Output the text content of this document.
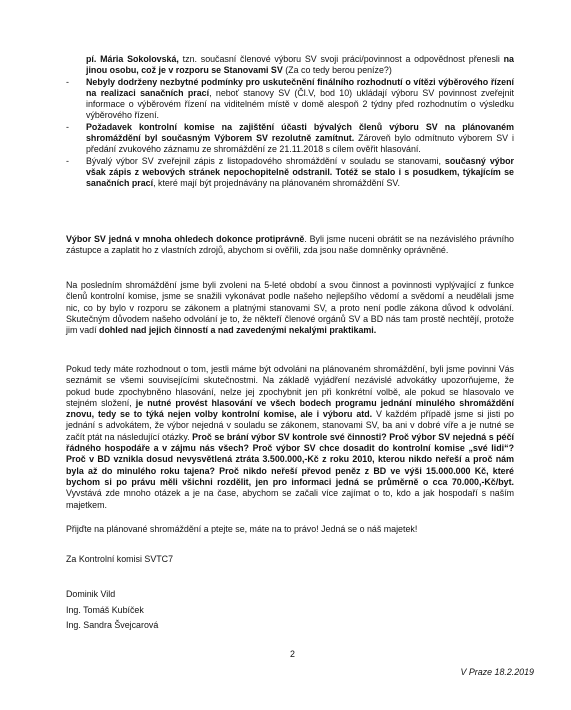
pí. Mária Sokolovská, tzn. současní členové výboru SV svoji práci/povinnost a odpovědnost přenesli na jinou osobu, což je v rozporu se Stanovami SV (Za co tedy berou peníze?)
- Nebyly dodrženy nezbytné podmínky pro uskutečnění finálního rozhodnutí o vítězi výběrového řízení na realizaci sanačních prací, neboť stanovy SV (Čl.V, bod 10) ukládají výboru SV povinnost zveřejnit informace o výběrovém řízení na viditelném místě v domě alespoň 2 týdny před rozhodnutím o výsledku výběrového řízení.
- Požadavek kontrolní komise na zajištění účasti bývalých členů výboru SV na plánovaném shromáždění byl současným Výborem SV rezolutně zamítnut. Zároveň bylo odmítnuto výborem SV i předání zvukového záznamu ze shromáždění ze 21.11.2018 s cílem ověřit hlasování.
- Bývalý výbor SV zveřejnil zápis z listopadového shromáždění v souladu se stanovami, současný výbor však zápis z webových stránek nepochopitelně odstranil. Totéž se stalo i s posudkem, týkajícím se sanačních prací, které mají být projednávány na plánovaném shromáždění SV.
Výbor SV jedná v mnoha ohledech dokonce protiprávně. Byli jsme nuceni obrátit se na nezávislého právního zástupce a zaplatit ho z vlastních zdrojů, abychom si ověřili, zda jsou naše domněnky oprávněné.
Na posledním shromáždění jsme byli zvoleni na 5-leté období a svou činnost a povinnosti vyplývající z funkce členů kontrolní komise, jsme se snažili vykonávat podle našeho nejlepšího vědomí a svědomí a neudělali jsme nic, co by bylo v rozporu se zákonem a platnými stanovami SV, a proto není podle zákona důvod k odvolání. Skutečným důvodem našeho odvolání je to, že někteří členové orgánů SV a BD nás tam prostě nechtějí, protože jim vadí dohled nad jejich činností a nad zavedenými nekalými praktikami.
Pokud tedy máte rozhodnout o tom, jestli máme být odvoláni na plánovaném shromáždění, byli jsme povinni Vás seznámit se všemi souvisejícími skutečnostmi. Na základě vyjádření nezávislé advokátky upozorňujeme, že pokud bude zpochybněno hlasování, nelze jej zpochybnit jen při konkrétní volbě, ale pokud se hlasovalo ve stejném složení, je nutné provést hlasování ve všech bodech programu jednání minulého shromáždění znovu, tedy se to týká nejen volby kontrolní komise, ale i výboru atd. V každém případě jsme si jisti po jednání s advokátem, že výbor nejedná v souladu se zákonem, stanovami SV, ba ani v dobré víře a je nutné se začít ptát na následující otázky. Proč se brání výbor SV kontrole své činnosti? Proč výbor SV nejedná s péčí řádného hospodáře a v zájmu nás všech? Proč výbor SV chce dosadit do kontrolní komise „své lidi“? Proč v BD vznikla dosud nevysvětlená ztráta 3.500.000,-Kč z roku 2010, kterou nikdo neřeší a proč nám byla až do minulého roku tajena? Proč nikdo neřeší převod peněz z BD ve výši 15.000.000 Kč, které bychom si po právu měli všichni rozdělit, jen pro informaci jedná se průměrně o cca 70.000,-Kč/byt. Vyvstává zde mnoho otázek a je na čase, abychom se začali více zajímat o to, kdo a jak hospodaří s naším majetkem.
Přijďte na plánované shromáždění a ptejte se, máte na to právo! Jedná se o náš majetek!
Za Kontrolní komisi SVTC7
Dominik Vild
Ing. Tomáš Kubíček
Ing. Sandra Švejcarová
2
V Praze 18.2.2019
